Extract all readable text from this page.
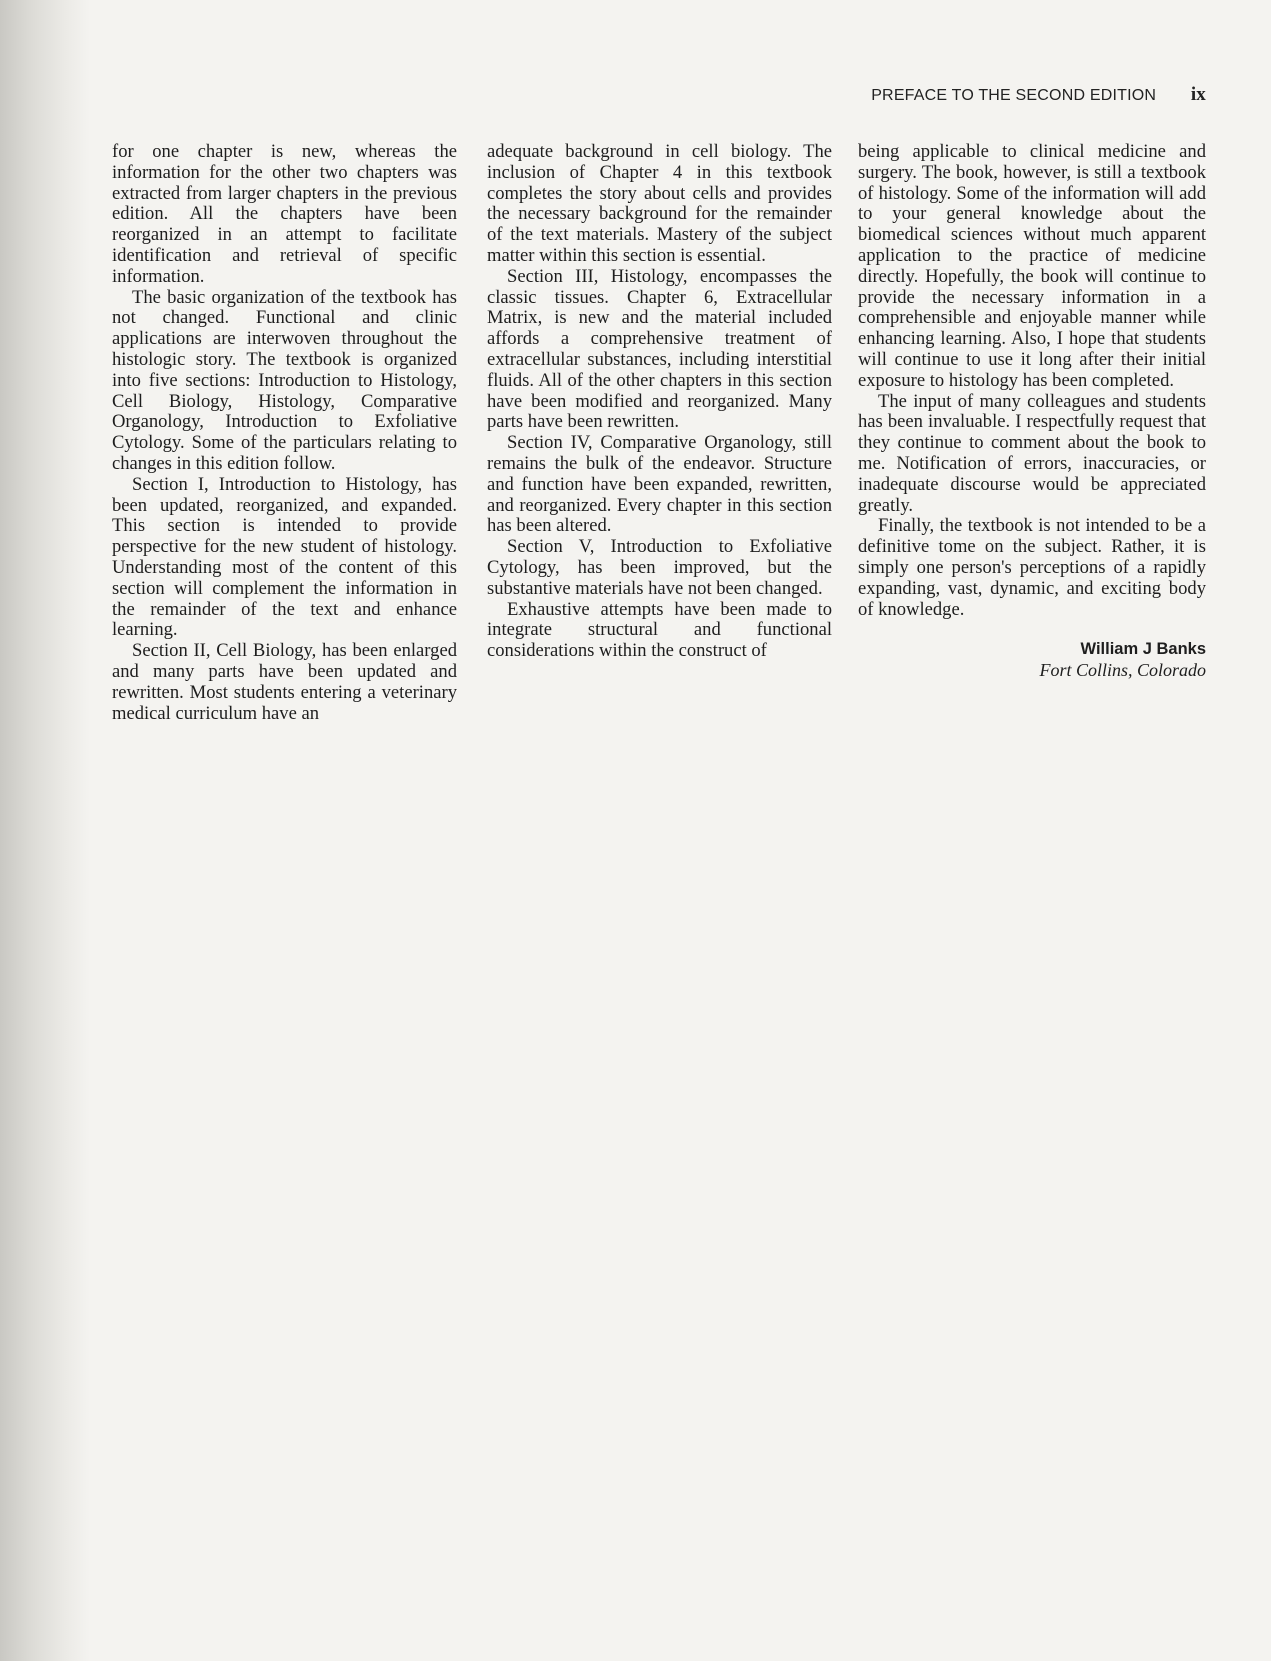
PREFACE TO THE SECOND EDITION ix

for one chapter is new, whereas the information for the other two chapters was extracted from larger chapters in the previous edition. All the chapters have been reorganized in an attempt to facilitate identification and retrieval of specific information.

The basic organization of the textbook has not changed. Functional and clinic applications are interwoven throughout the histologic story. The textbook is organized into five sections: Introduction to Histology, Cell Biology, Histology, Comparative Organology, Introduction to Exfoliative Cytology. Some of the particulars relating to changes in this edition follow.

Section I, Introduction to Histology, has been updated, reorganized, and expanded. This section is intended to provide perspective for the new student of histology. Understanding most of the content of this section will complement the information in the remainder of the text and enhance learning.

Section II, Cell Biology, has been enlarged and many parts have been updated and rewritten. Most students entering a veterinary medical curriculum have an

adequate background in cell biology. The inclusion of Chapter 4 in this textbook completes the story about cells and provides the necessary background for the remainder of the text materials. Mastery of the subject matter within this section is essential.

Section III, Histology, encompasses the classic tissues. Chapter 6, Extracellular Matrix, is new and the material included affords a comprehensive treatment of extracellular substances, including interstitial fluids. All of the other chapters in this section have been modified and reorganized. Many parts have been rewritten.

Section IV, Comparative Organology, still remains the bulk of the endeavor. Structure and function have been expanded, rewritten, and reorganized. Every chapter in this section has been altered.

Section V, Introduction to Exfoliative Cytology, has been improved, but the substantive materials have not been changed.

Exhaustive attempts have been made to integrate structural and functional considerations within the construct of

being applicable to clinical medicine and surgery. The book, however, is still a textbook of histology. Some of the information will add to your general knowledge about the biomedical sciences without much apparent application to the practice of medicine directly. Hopefully, the book will continue to provide the necessary information in a comprehensible and enjoyable manner while enhancing learning. Also, I hope that students will continue to use it long after their initial exposure to histology has been completed.

The input of many colleagues and students has been invaluable. I respectfully request that they continue to comment about the book to me. Notification of errors, inaccuracies, or inadequate discourse would be appreciated greatly.

Finally, the textbook is not intended to be a definitive tome on the subject. Rather, it is simply one person's perceptions of a rapidly expanding, vast, dynamic, and exciting body of knowledge.

William J Banks
Fort Collins, Colorado
